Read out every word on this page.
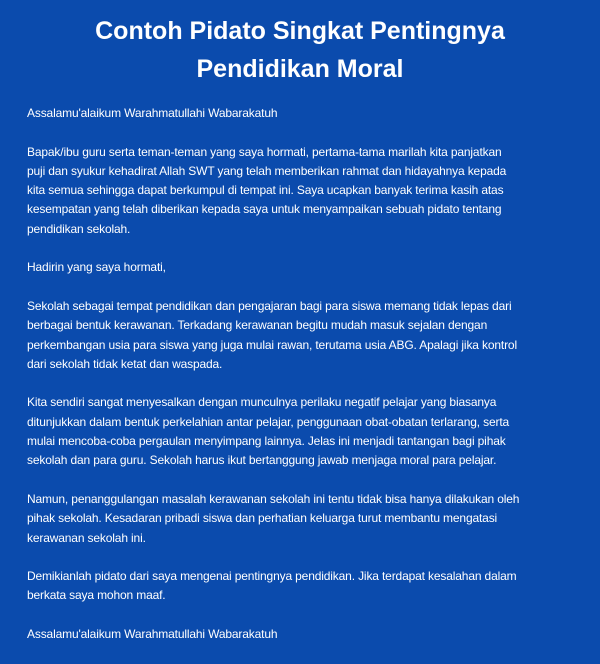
Contoh Pidato Singkat Pentingnya
Pendidikan Moral
Assalamu'alaikum Warahmatullahi Wabarakatuh
Bapak/ibu guru serta teman-teman yang saya hormati, pertama-tama marilah kita panjatkan
puji dan syukur kehadirat Allah SWT yang telah memberikan rahmat dan hidayahnya kepada
kita semua sehingga dapat berkumpul di tempat ini. Saya ucapkan banyak terima kasih atas
kesempatan yang telah diberikan kepada saya untuk menyampaikan sebuah pidato tentang
pendidikan sekolah.
Hadirin yang saya hormati,
Sekolah sebagai tempat pendidikan dan pengajaran bagi para siswa memang tidak lepas dari
berbagai bentuk kerawanan. Terkadang kerawanan begitu mudah masuk sejalan dengan
perkembangan usia para siswa yang juga mulai rawan, terutama usia ABG. Apalagi jika kontrol
dari sekolah tidak ketat dan waspada.
Kita sendiri sangat menyesalkan dengan munculnya perilaku negatif pelajar yang biasanya
ditunjukkan dalam bentuk perkelahian antar pelajar, penggunaan obat-obatan terlarang, serta
mulai mencoba-coba pergaulan menyimpang lainnya. Jelas ini menjadi tantangan bagi pihak
sekolah dan para guru. Sekolah harus ikut bertanggung jawab menjaga moral para pelajar.
Namun, penanggulangan masalah kerawanan sekolah ini tentu tidak bisa hanya dilakukan oleh
pihak sekolah. Kesadaran pribadi siswa dan perhatian keluarga turut membantu mengatasi
kerawanan sekolah ini.
Demikianlah pidato dari saya mengenai pentingnya pendidikan. Jika terdapat kesalahan dalam
berkata saya mohon maaf.
Assalamu'alaikum Warahmatullahi Wabarakatuh
